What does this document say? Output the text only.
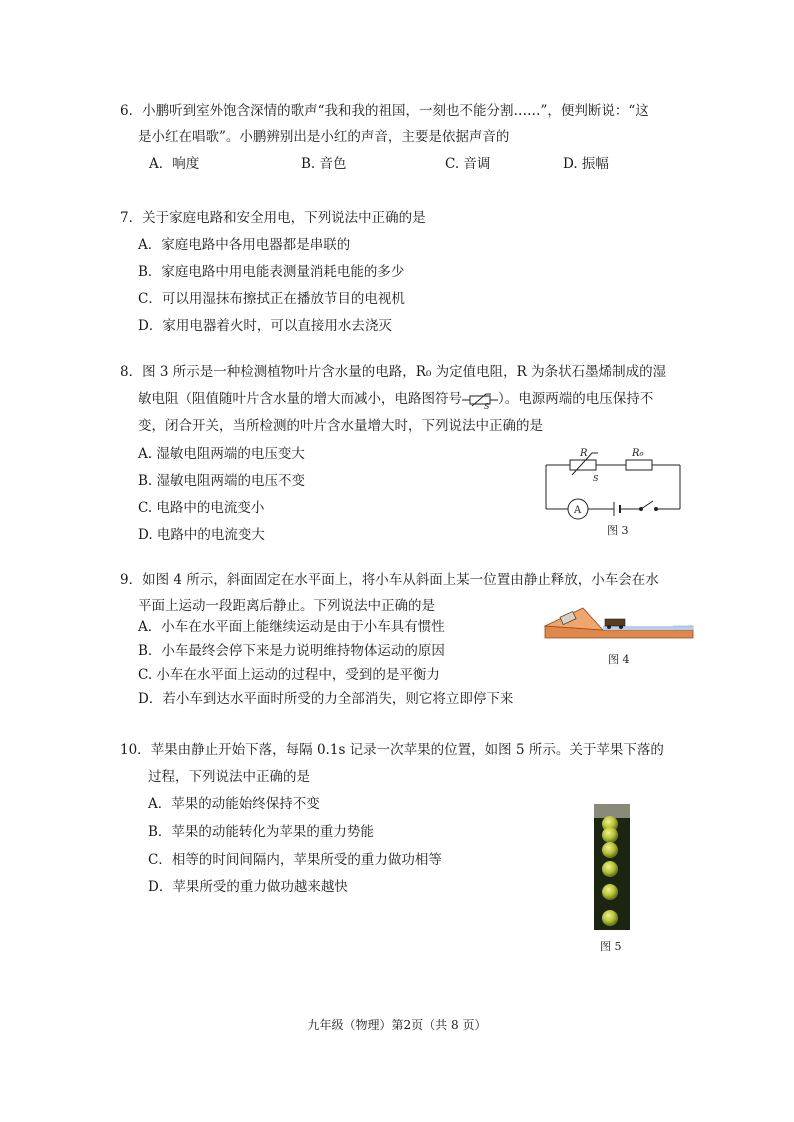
6．小鹏听到室外饱含深情的歌声“我和我的祖国，一刻也不能分割……”，便判断说：“这
是小红在唱歌”。小鹏辨别出是小红的声音，主要是依据声音的
A．响度	B. 音色	C. 音调	D. 振幅
7．关于家庭电路和安全用电，下列说法中正确的是
A．家庭电路中各用电器都是串联的
B．家庭电路中用电能表测量消耗电能的多少
C．可以用湿抹布擦拭正在播放节目的电视机
D．家用电器着火时，可以直接用水去浇灭
8．图 3 所示是一种检测植物叶片含水量的电路，R₀ 为定值电阻，R 为条状石墨烯制成的湿
敏电阻（阻值随叶片含水量的增大而减小，电路图符号	S ）。电源两端的电压保持不
变，闭合开关，当所检测的叶片含水量增大时，下列说法中正确的是
A. 湿敏电阻两端的电压变大
B. 湿敏电阻两端的电压不变
C. 电路中的电流变小
D. 电路中的电流变大
R	R₀
S
A
图 3
9．如图 4 所示，斜面固定在水平面上，将小车从斜面上某一位置由静止释放，小车会在水
平面上运动一段距离后静止。下列说法中正确的是
A．小车在水平面上能继续运动是由于小车具有惯性
B．小车最终会停下来是力说明维持物体运动的原因
C. 小车在水平面上运动的过程中，受到的是平衡力
D．若小车到达水平面时所受的力全部消失，则它将立即停下来
图 4
10．苹果由静止开始下落，每隔 0.1s 记录一次苹果的位置，如图 5 所示。关于苹果下落的
过程，下列说法中正确的是
A．苹果的动能始终保持不变
B．苹果的动能转化为苹果的重力势能
C．相等的时间间隔内，苹果所受的重力做功相等
D．苹果所受的重力做功越来越快
图 5
九年级（物理）第2页（共 8 页）
